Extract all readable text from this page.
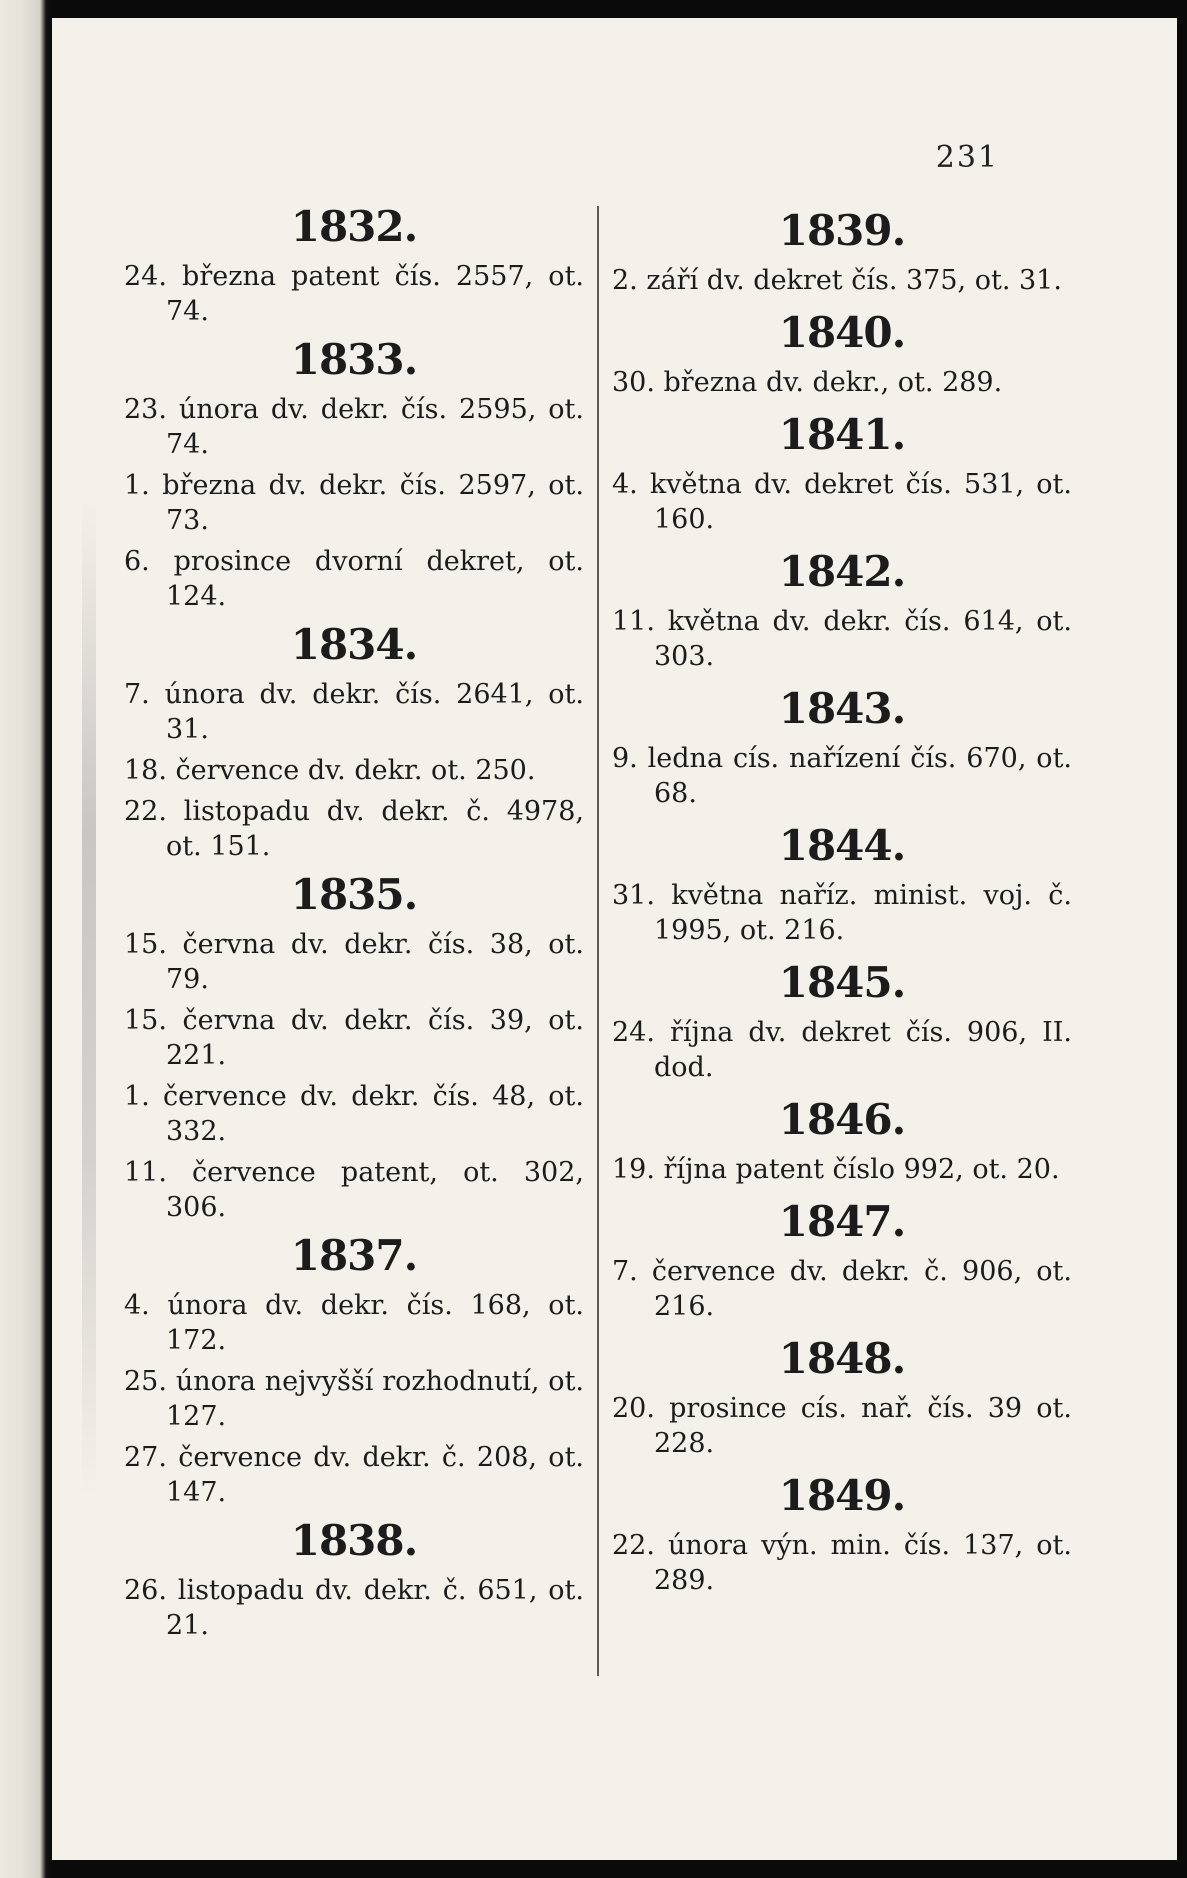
231
1832.
24. března patent čís. 2557, ot. 74.
1833.
23. února dv. dekr. čís. 2595, ot. 74.
1. března dv. dekr. čís. 2597, ot. 73.
6. prosince dvorní dekret, ot. 124.
1834.
7. února dv. dekr. čís. 2641, ot. 31.
18. července dv. dekr. ot. 250.
22. listopadu dv. dekr. č. 4978, ot. 151.
1835.
15. června dv. dekr. čís. 38, ot. 79.
15. června dv. dekr. čís. 39, ot. 221.
1. července dv. dekr. čís. 48, ot. 332.
11. července patent, ot. 302, 306.
1837.
4. února dv. dekr. čís. 168, ot. 172.
25. února nejvyšší rozhodnutí, ot. 127.
27. července dv. dekr. č. 208, ot. 147.
1838.
26. listopadu dv. dekr. č. 651, ot. 21.
1839.
2. září dv. dekret čís. 375, ot. 31.
1840.
30. března dv. dekr., ot. 289.
1841.
4. května dv. dekret čís. 531, ot. 160.
1842.
11. května dv. dekr. čís. 614, ot. 303.
1843.
9. ledna cís. nařízení čís. 670, ot. 68.
1844.
31. května naříz. minist. voj. č. 1995, ot. 216.
1845.
24. října dv. dekret čís. 906, II. dod.
1846.
19. října patent číslo 992, ot. 20.
1847.
7. července dv. dekr. č. 906, ot. 216.
1848.
20. prosince cís. nař. čís. 39 ot. 228.
1849.
22. února výn. min. čís. 137, ot. 289.
